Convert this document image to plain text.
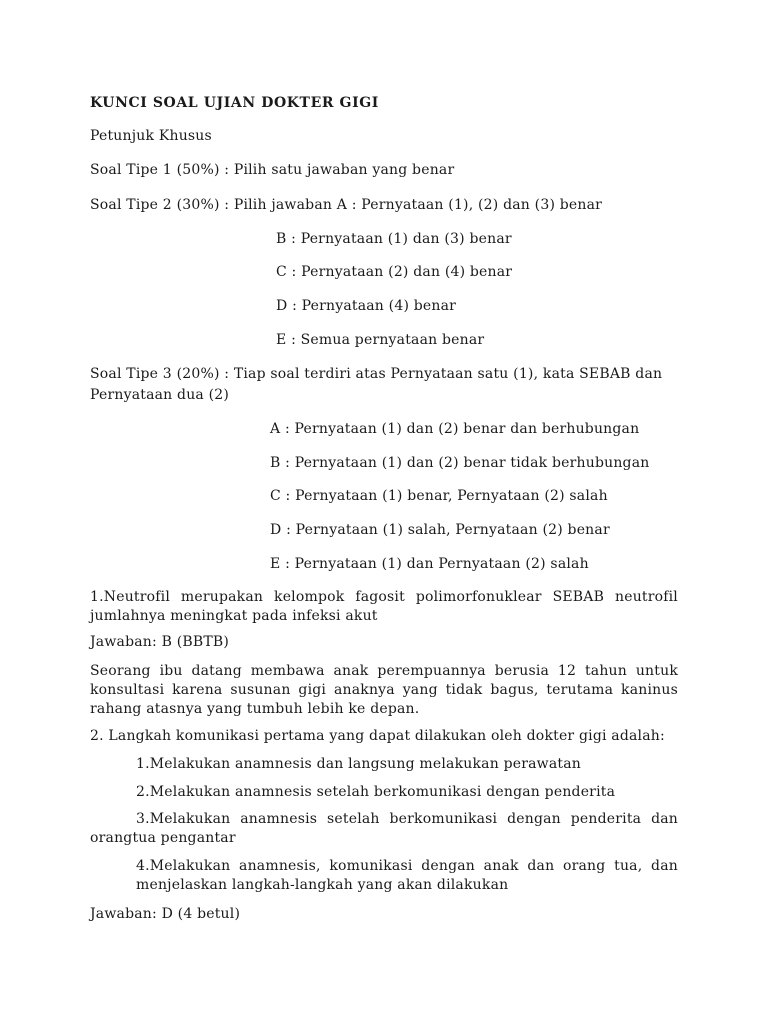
KUNCI SOAL UJIAN DOKTER GIGI
Petunjuk Khusus
Soal Tipe 1 (50%) : Pilih satu jawaban yang benar
Soal Tipe 2 (30%) : Pilih jawaban A : Pernyataan (1), (2) dan (3) benar
B : Pernyataan (1) dan (3) benar
C : Pernyataan (2) dan (4) benar
D : Pernyataan (4) benar
E : Semua pernyataan benar
Soal Tipe 3 (20%) : Tiap soal terdiri atas Pernyataan satu (1), kata SEBAB dan
Pernyataan dua (2)
A : Pernyataan (1) dan (2) benar dan berhubungan
B : Pernyataan (1) dan (2) benar tidak berhubungan
C : Pernyataan (1) benar, Pernyataan (2) salah
D : Pernyataan (1) salah, Pernyataan (2) benar
E : Pernyataan (1) dan Pernyataan (2) salah
1.Neutrofil merupakan kelompok fagosit polimorfonuklear SEBAB neutrofil jumlahnya meningkat pada infeksi akut
Jawaban: B (BBTB)
Seorang ibu datang membawa anak perempuannya berusia 12 tahun untuk konsultasi karena susunan gigi anaknya yang tidak bagus, terutama kaninus rahang atasnya yang tumbuh lebih ke depan.
2. Langkah komunikasi pertama yang dapat dilakukan oleh dokter gigi adalah:
1.Melakukan anamnesis dan langsung melakukan perawatan
2.Melakukan anamnesis setelah berkomunikasi dengan penderita
3.Melakukan anamnesis setelah berkomunikasi dengan penderita dan orangtua pengantar
4.Melakukan anamnesis, komunikasi dengan anak dan orang tua, dan menjelaskan langkah-langkah yang akan dilakukan
Jawaban: D (4 betul)
